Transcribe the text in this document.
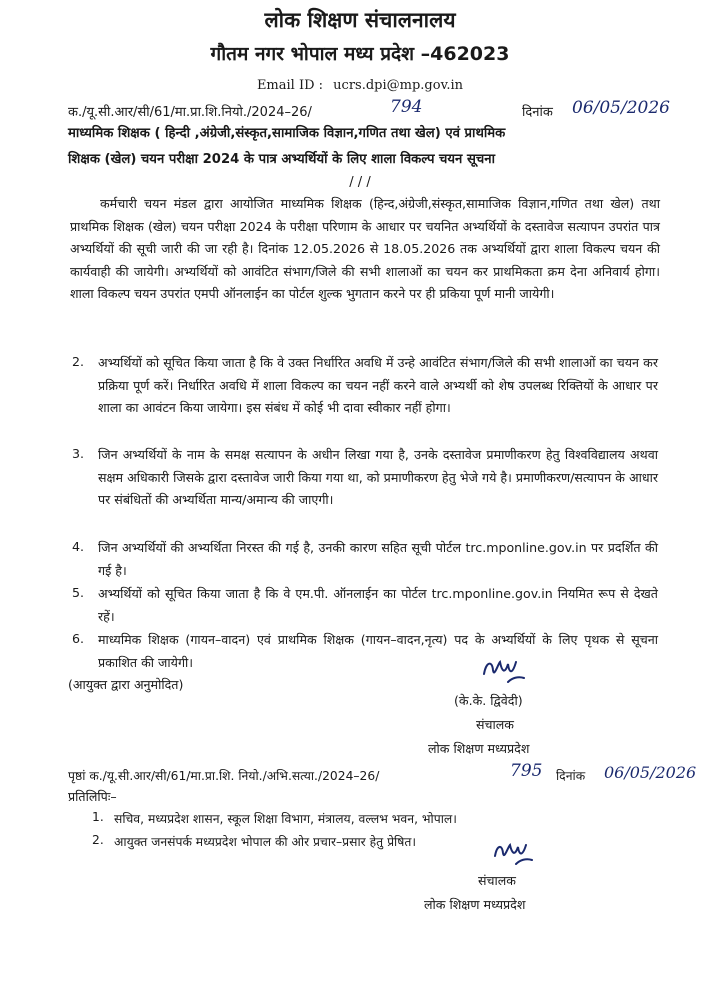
लोक शिक्षण संचालनालय
गौतम नगर भोपाल मध्य प्रदेश –462023
Email ID : ucrs.dpi@mp.gov.in
क./यू.सी.आर/सी/61/मा.प्रा.शि.नियो./2024–26/	794	दिनांक 06/05/2026
माध्यमिक शिक्षक ( हिन्दी ,अंग्रेजी,संस्कृत,सामाजिक विज्ञान,गणित तथा खेल) एवं प्राथमिक
शिक्षक (खेल) चयन परीक्षा 2024 के पात्र अभ्यर्थियों के लिए शाला विकल्प चयन सूचना
/ / /
कर्मचारी चयन मंडल द्वारा आयोजित माध्यमिक शिक्षक (हिन्द,अंग्रेजी,संस्कृत,सामाजिक विज्ञान,गणित तथा खेल) तथा प्राथमिक शिक्षक (खेल) चयन परीक्षा 2024 के परीक्षा परिणाम के आधार पर चयनित अभ्यर्थियों के दस्तावेज सत्यापन उपरांत पात्र अभ्यर्थियों की सूची जारी की जा रही है। दिनांक 12.05.2026 से 18.05.2026 तक अभ्यर्थियों द्वारा शाला विकल्प चयन की कार्यवाही की जायेगी। अभ्यर्थियों को आवंटित संभाग/जिले की सभी शालाओं का चयन कर प्राथमिकता क्रम देना अनिवार्य होगा। शाला विकल्प चयन उपरांत एमपी ऑनलाईन का पोर्टल शुल्क भुगतान करने पर ही प्रकिया पूर्ण मानी जायेगी।
2. अभ्यर्थियों को सूचित किया जाता है कि वे उक्त निर्धारित अवधि में उन्हे आवंटित संभाग/जिले की सभी शालाओं का चयन कर प्रक्रिया पूर्ण करें। निर्धारित अवधि में शाला विकल्प का चयन नहीं करने वाले अभ्यर्थी को शेष उपलब्ध रिक्तियों के आधार पर शाला का आवंटन किया जायेगा। इस संबंध में कोई भी दावा स्वीकार नहीं होगा।
3. जिन अभ्यर्थियों के नाम के समक्ष सत्यापन के अधीन लिखा गया है, उनके दस्तावेज प्रमाणीकरण हेतु विश्वविद्यालय अथवा सक्षम अधिकारी जिसके द्वारा दस्तावेज जारी किया गया था, को प्रमाणीकरण हेतु भेजे गये है। प्रमाणीकरण/सत्यापन के आधार पर संबंधितों की अभ्यर्थिता मान्य/अमान्य की जाएगी।
4. जिन अभ्यर्थियों की अभ्यर्थिता निरस्त की गई है, उनकी कारण सहित सूची पोर्टल trc.mponline.gov.in पर प्रदर्शित की गई है।
5. अभ्यर्थियों को सूचित किया जाता है कि वे एम.पी. ऑनलाईन का पोर्टल trc.mponline.gov.in नियमित रूप से देखते रहें।
6. माध्यमिक शिक्षक (गायन–वादन) एवं प्राथमिक शिक्षक (गायन–वादन,नृत्य) पद के अभ्यर्थियों के लिए पृथक से सूचना प्रकाशित की जायेगी।
(आयुक्त द्वारा अनुमोदित)
(के.के. द्विवेदी)
संचालक
लोक शिक्षण मध्यप्रदेश
पृष्ठां क./यू.सी.आर/सी/61/मा.प्रा.शि. नियो./अभि.सत्या./2024–26/	795 दिनांक 06/05/2026
प्रतिलिपिः–
1. सचिव, मध्यप्रदेश शासन, स्कूल शिक्षा विभाग, मंत्रालय, वल्लभ भवन, भोपाल।
2. आयुक्त जनसंपर्क मध्यप्रदेश भोपाल की ओर प्रचार–प्रसार हेतु प्रेषित।
संचालक
लोक शिक्षण मध्यप्रदेश
